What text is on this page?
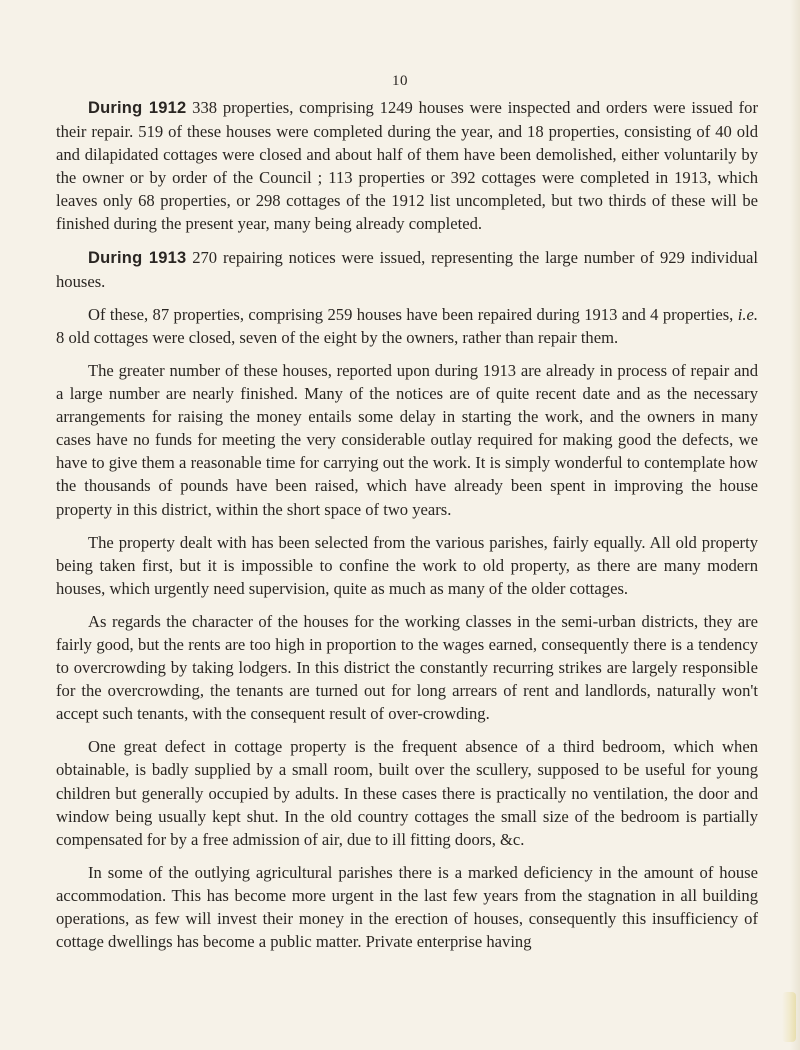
10

During 1912 338 properties, comprising 1249 houses were inspected and orders were issued for their repair. 519 of these houses were completed during the year, and 18 properties, consisting of 40 old and dilapidated cottages were closed and about half of them have been demolished, either voluntarily by the owner or by order of the Council ; 113 properties or 392 cottages were completed in 1913, which leaves only 68 properties, or 298 cottages of the 1912 list uncompleted, but two thirds of these will be finished during the present year, many being already completed.

During 1913 270 repairing notices were issued, representing the large number of 929 individual houses.

Of these, 87 properties, comprising 259 houses have been repaired during 1913 and 4 properties, i.e. 8 old cottages were closed, seven of the eight by the owners, rather than repair them.

The greater number of these houses, reported upon during 1913 are already in process of repair and a large number are nearly finished. Many of the notices are of quite recent date and as the necessary arrangements for raising the money entails some delay in starting the work, and the owners in many cases have no funds for meeting the very considerable outlay required for making good the defects, we have to give them a reasonable time for carrying out the work. It is simply wonderful to contemplate how the thousands of pounds have been raised, which have already been spent in improving the house property in this district, within the short space of two years.

The property dealt with has been selected from the various parishes, fairly equally. All old property being taken first, but it is impossible to confine the work to old property, as there are many modern houses, which urgently need supervision, quite as much as many of the older cottages.

As regards the character of the houses for the working classes in the semi-urban districts, they are fairly good, but the rents are too high in proportion to the wages earned, consequently there is a tendency to overcrowding by taking lodgers. In this district the constantly recurring strikes are largely responsible for the overcrowding, the tenants are turned out for long arrears of rent and landlords, naturally won't accept such tenants, with the consequent result of over-crowding.

One great defect in cottage property is the frequent absence of a third bedroom, which when obtainable, is badly supplied by a small room, built over the scullery, supposed to be useful for young children but generally occupied by adults. In these cases there is practically no ventilation, the door and window being usually kept shut. In the old country cottages the small size of the bedroom is partially compensated for by a free admission of air, due to ill fitting doors, &c.

In some of the outlying agricultural parishes there is a marked deficiency in the amount of house accommodation. This has become more urgent in the last few years from the stagnation in all building operations, as few will invest their money in the erection of houses, consequently this insufficiency of cottage dwellings has become a public matter. Private enterprise having
